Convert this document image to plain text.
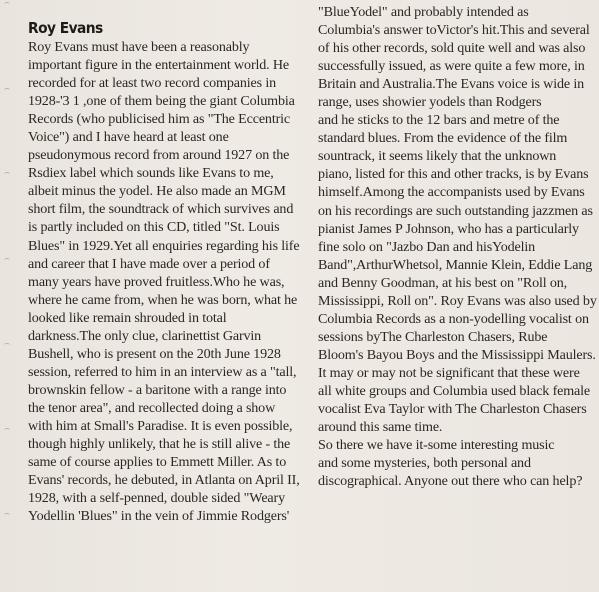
Roy Evans
Roy Evans must have been a reasonably
important figure in the entertainment world. He
recorded for at least two record companies in
1928-'3 1 ,one of them being the giant Columbia
Records (who publicised him as "The Eccentric
Voice") and I have heard at least one
pseudonymous record from around 1927 on the
Rsdiex label which sounds like Evans to me,
albeit minus the yodel. He also made an MGM
short film, the soundtrack of which survives and
is partly included on this CD, titled "St. Louis
Blues" in 1929.Yet all enquiries regarding his life
and career that I have made over a period of
many years have proved fruitless.Who he was,
where he came from, when he was born, what he
looked like remain shrouded in total
darkness.The only clue, clarinettist Garvin
Bushell, who is present on the 20th June 1928
session, referred to him in an interview as a "tall,
brownskin fellow - a baritone with a range into
the tenor area", and recollected doing a show
with him at Small's Paradise. It is even possible,
though highly unlikely, that he is still alive - the
same of course applies to Emmett Miller. As to
Evans' records, he debuted, in Atlanta on April II,
1928, with a self-penned, double sided "Weary
Yodellin 'Blues" in the vein of Jimmie Rodgers'
"BlueYodel" and probably intended as
Columbia's answer toVictor's hit.This and several
of his other records, sold quite well and was also
successfully issued, as were quite a few more, in
Britain and Australia.The Evans voice is wide in
range, uses showier yodels than Rodgers
and he sticks to the 12 bars and metre of the
standard blues. From the evidence of the film
sountrack, it seems likely that the unknown
piano, listed for this and other tracks, is by Evans
himself.Among the accompanists used by Evans
on his recordings are such outstanding jazzmen as
pianist James P Johnson, who has a particularly
fine solo on "Jazbo Dan and hisYodelin
Band",ArthurWhetsol, Mannie Klein, Eddie Lang
and Benny Goodman, at his best on "Roll on,
Mississippi, Roll on". Roy Evans was also used by
Columbia Records as a non-yodelling vocalist on
sessions byThe Charleston Chasers, Rube
Bloom's Bayou Boys and the Mississippi Maulers.
It may or may not be significant that these were
all white groups and Columbia used black female
vocalist Eva Taylor with The Charleston Chasers
around this same time.
So there we have it-some interesting music
and some mysteries, both personal and
discographical. Anyone out there who can help?
